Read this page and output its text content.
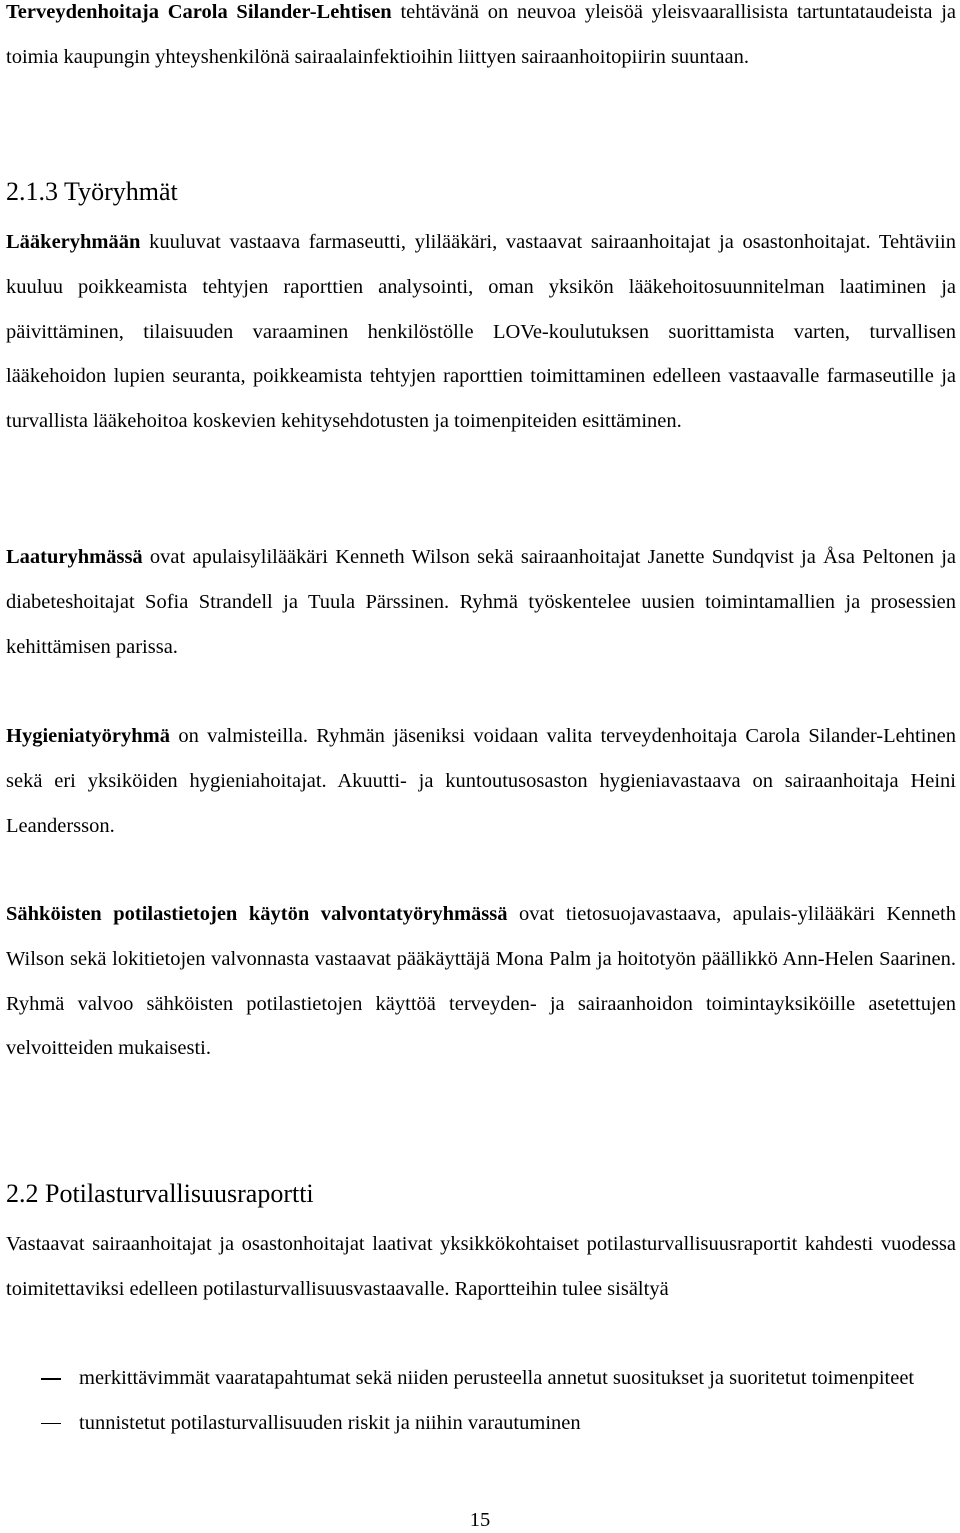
Terveydenhoitaja Carola Silander-Lehtisen tehtävänä on neuvoa yleisöä yleisvaarallisista tartuntataudeista ja toimia kaupungin yhteyshenkilönä sairaalainfektioihin liittyen sairaanhoitopiirin suuntaan.

2.1.3 Työryhmät

Lääkeryhmään kuuluvat vastaava farmaseutti, ylilääkäri, vastaavat sairaanhoitajat ja osastonhoitajat. Tehtäviin kuuluu poikkeamista tehtyjen raporttien analysointi, oman yksikön lääkehoitosuunnitelman laatiminen ja päivittäminen, tilaisuuden varaaminen henkilöstölle LOVe-koulutuksen suorittamista varten, turvallisen lääkehoidon lupien seuranta, poikkeamista tehtyjen raporttien toimittaminen edelleen vastaavalle farmaseutille ja turvallista lääkehoitoa koskevien kehitysehdotusten ja toimenpiteiden esittäminen.

Laaturyhmässä ovat apulaisylilääkäri Kenneth Wilson sekä sairaanhoitajat Janette Sundqvist ja Åsa Peltonen ja diabeteshoitajat Sofia Strandell ja Tuula Pärssinen. Ryhmä työskentelee uusien toimintamallien ja prosessien kehittämisen parissa.

Hygieniatyöryhmä on valmisteilla. Ryhmän jäseniksi voidaan valita terveydenhoitaja Carola Silander-Lehtinen sekä eri yksiköiden hygieniahoitajat. Akuutti- ja kuntoutusosaston hygieniavastaava on sairaanhoitaja Heini Leandersson.

Sähköisten potilastietojen käytön valvontatyöryhmässä ovat tietosuojavastaava, apulais-ylilääkäri Kenneth Wilson sekä lokitietojen valvonnasta vastaavat pääkäyttäjä Mona Palm ja hoitotyön päällikkö Ann-Helen Saarinen. Ryhmä valvoo sähköisten potilastietojen käyttöä terveyden- ja sairaanhoidon toimintayksiköille asetettujen velvoitteiden mukaisesti.

2.2 Potilasturvallisuusraportti

Vastaavat sairaanhoitajat ja osastonhoitajat laativat yksikkökohtaiset potilasturvallisuusraportit kahdesti vuodessa toimitettaviksi edelleen potilasturvallisuusvastaavalle. Raportteihin tulee sisältyä

merkittävimmät vaaratapahtumat sekä niiden perusteella annetut suositukset ja suoritetut toimenpiteet
tunnistetut potilasturvallisuuden riskit ja niihin varautuminen
15
